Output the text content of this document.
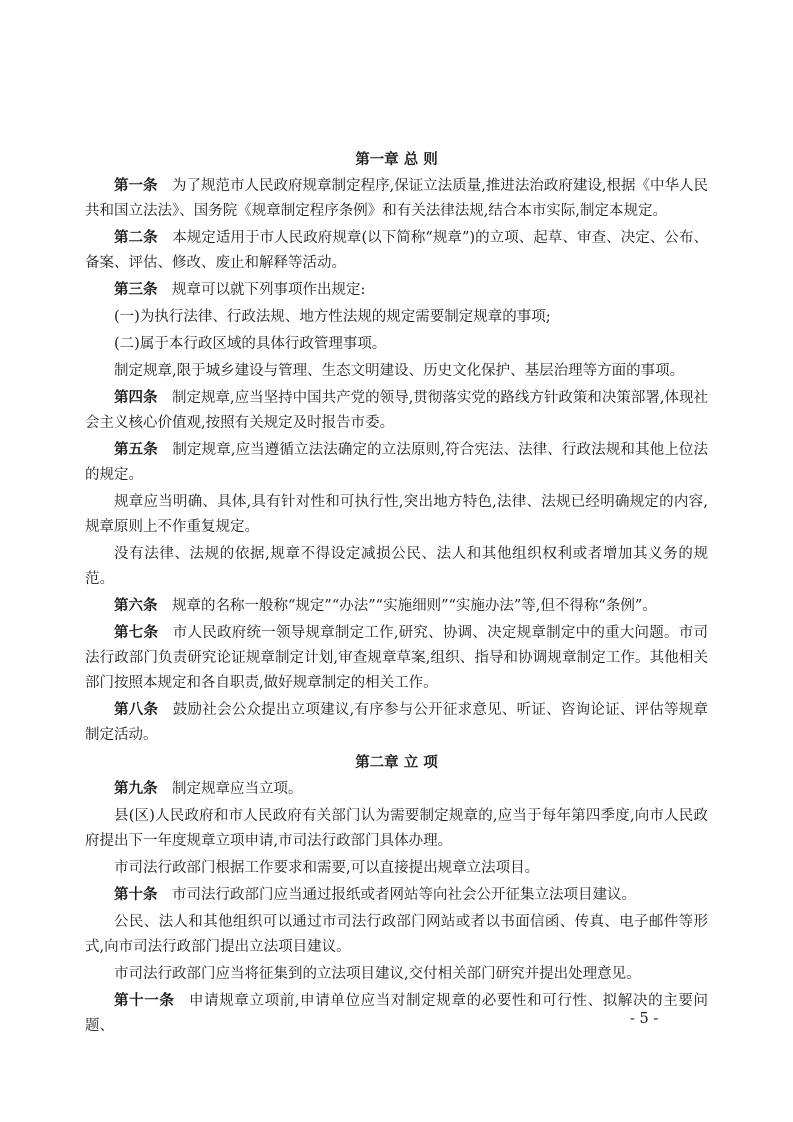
第一章 总 则

第一条 为了规范市人民政府规章制定程序,保证立法质量,推进法治政府建设,根据《中华人民共和国立法法》、国务院《规章制定程序条例》和有关法律法规,结合本市实际,制定本规定。

第二条 本规定适用于市人民政府规章(以下简称“规章”)的立项、起草、审查、决定、公布、备案、评估、修改、废止和解释等活动。

第三条 规章可以就下列事项作出规定:

(一)为执行法律、行政法规、地方性法规的规定需要制定规章的事项;

(二)属于本行政区域的具体行政管理事项。

制定规章,限于城乡建设与管理、生态文明建设、历史文化保护、基层治理等方面的事项。

第四条 制定规章,应当坚持中国共产党的领导,贯彻落实党的路线方针政策和决策部署,体现社会主义核心价值观,按照有关规定及时报告市委。

第五条 制定规章,应当遵循立法法确定的立法原则,符合宪法、法律、行政法规和其他上位法的规定。

规章应当明确、具体,具有针对性和可执行性,突出地方特色,法律、法规已经明确规定的内容,规章原则上不作重复规定。

没有法律、法规的依据,规章不得设定减损公民、法人和其他组织权利或者增加其义务的规范。

第六条 规章的名称一般称“规定”“办法”“实施细则”“实施办法”等,但不得称“条例”。

第七条 市人民政府统一领导规章制定工作,研究、协调、决定规章制定中的重大问题。市司法行政部门负责研究论证规章制定计划,审查规章草案,组织、指导和协调规章制定工作。其他相关部门按照本规定和各自职责,做好规章制定的相关工作。

第八条 鼓励社会公众提出立项建议,有序参与公开征求意见、听证、咨询论证、评估等规章制定活动。

第二章 立 项

第九条 制定规章应当立项。

县(区)人民政府和市人民政府有关部门认为需要制定规章的,应当于每年第四季度,向市人民政府提出下一年度规章立项申请,市司法行政部门具体办理。

市司法行政部门根据工作要求和需要,可以直接提出规章立法项目。

第十条 市司法行政部门应当通过报纸或者网站等向社会公开征集立法项目建议。

公民、法人和其他组织可以通过市司法行政部门网站或者以书面信函、传真、电子邮件等形式,向市司法行政部门提出立法项目建议。

市司法行政部门应当将征集到的立法项目建议,交付相关部门研究并提出处理意见。

第十一条 申请规章立项前,申请单位应当对制定规章的必要性和可行性、拟解决的主要问题、	- 5 -
